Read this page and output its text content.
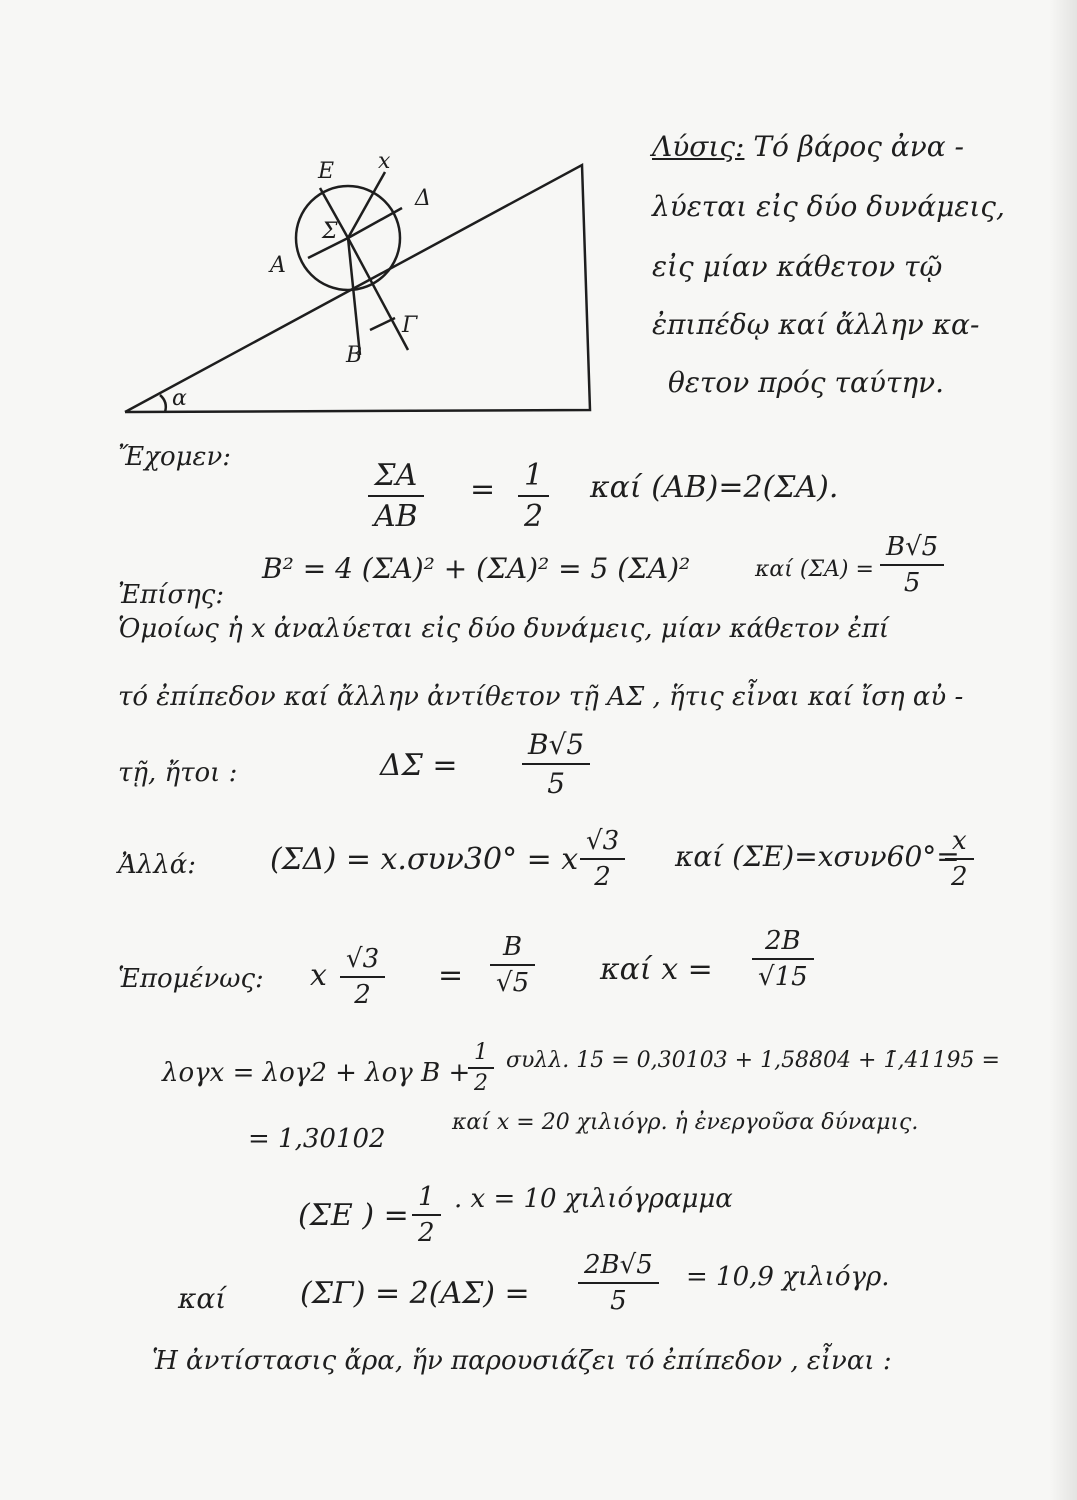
E x
Δ
Σ
A
Γ
B
α
Λύσις: Τό βάρος ἀνα -
λύεται εἰς δύο δυνάμεις,
εἰς μίαν κάθετον τῷ
ἐπιπέδῳ καί ἄλλην κα-
θετον πρός ταύτην.
Ἔχομεν:
ΣΑ
ΑΒ
= 1
2
καί (ΑΒ)=2(ΣΑ).
Ἐπίσης:
B² = 4 (ΣΑ)² + (ΣΑ)² = 5 (ΣΑ)²	καί (ΣΑ) =
B√5
5
Ὁμοίως ἡ x ἀναλύεται εἰς δύο δυνάμεις, μίαν κάθετον ἐπί
τό ἐπίπεδον καί ἄλλην ἀντίθετον τῇ ΑΣ , ἥτις εἶναι καί ἴση αὐ -
τῇ, ἤτοι :	ΔΣ =
B√5
5
Ἀλλά: (ΣΔ) = x.συν30° = x
√3
2
καί (ΣΕ)=xσυν60°=
x
2
Ἑπομένως: x √3
2
=
B
√5 καί x =
2B
√15
λογx = λογ2 + λογ B +
1
2
συλλ. 15 = 0,30103 + 1,58804 + 1̄,41195 =
= 1,30102
καί x = 20 χιλιόγρ. ἡ ἐνεργοῦσα δύναμις.
(ΣΕ ) =
1
2
. x = 10 χιλιόγραμμα
καί (ΣΓ) = 2(ΑΣ) =
2B√5
5
= 10,9 χιλιόγρ.
Ἡ ἀντίστασις ἄρα, ἥν παρουσιάζει τό ἐπίπεδον , εἶναι :
